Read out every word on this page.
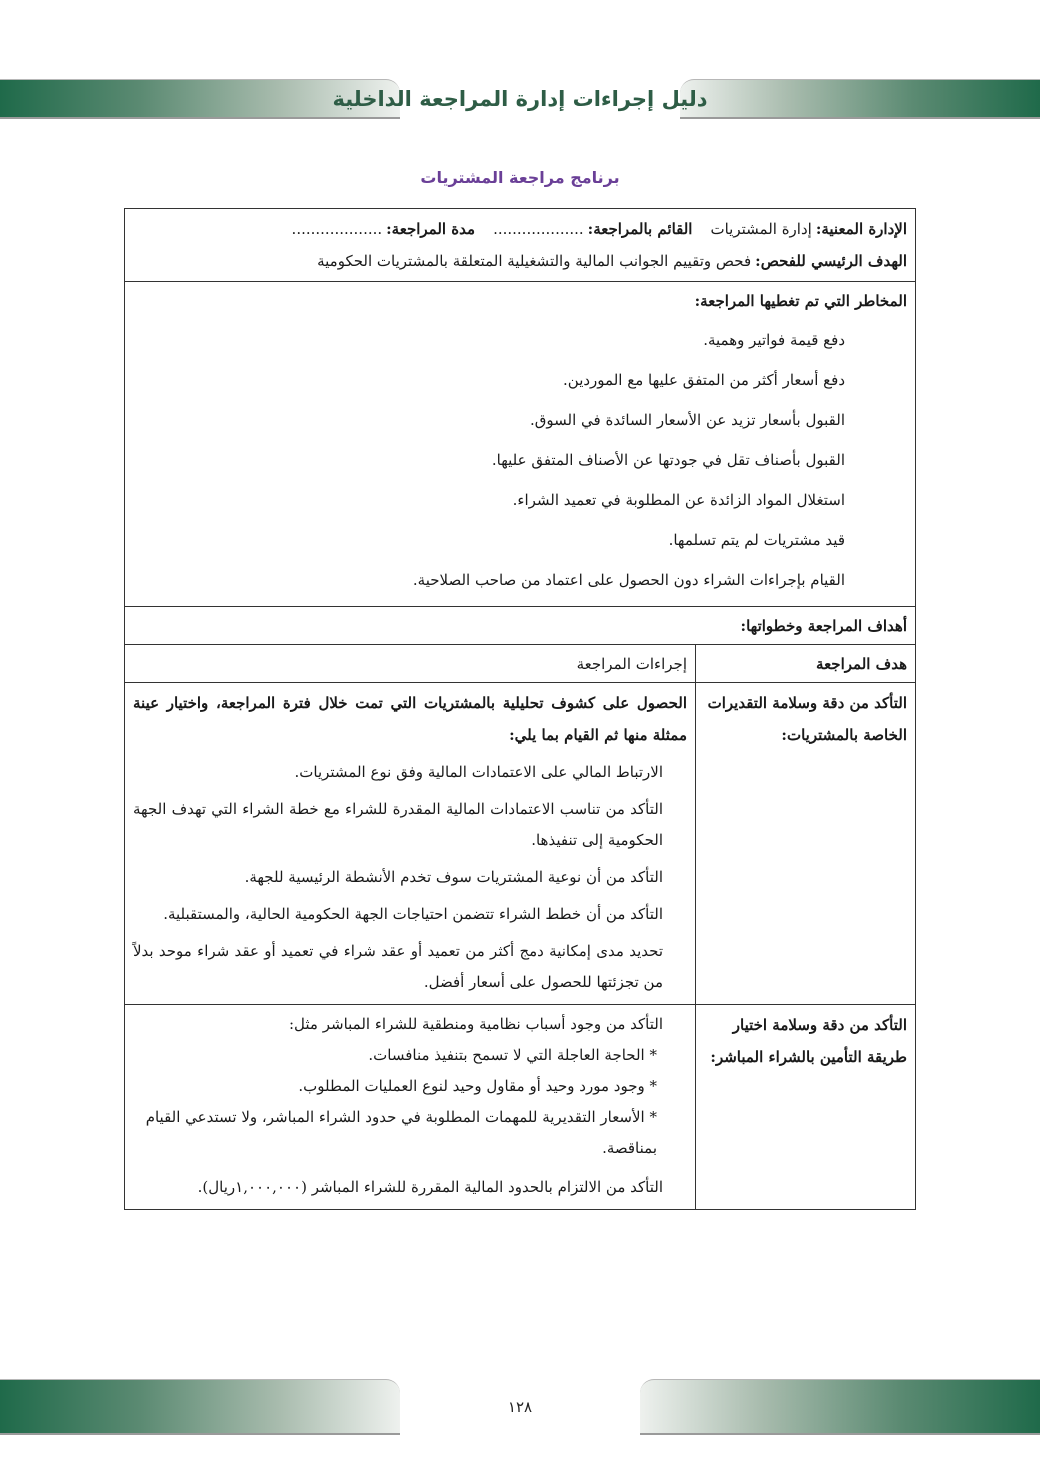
دليل إجراءات إدارة المراجعة الداخلية
برنامج مراجعة المشتريات
الإدارة المعنية:إدارة المشترياتالقائم بالمراجعة:...................مدة المراجعة:...................
الهدف الرئيسي للفحص:فحص وتقييم الجوانب المالية والتشغيلية المتعلقة بالمشتريات الحكومية
المخاطر التي تم تغطيها المراجعة:
دفع قيمة فواتير وهمية.
دفع أسعار أكثر من المتفق عليها مع الموردين.
القبول بأسعار تزيد عن الأسعار السائدة في السوق.
القبول بأصناف تقل في جودتها عن الأصناف المتفق عليها.
استغلال المواد الزائدة عن المطلوبة في تعميد الشراء.
قيد مشتريات لم يتم تسلمها.
القيام بإجراءات الشراء دون الحصول على اعتماد من صاحب الصلاحية.
أهداف المراجعة وخطواتها:
هدف المراجعة
إجراءات المراجعة
التأكد من دقة وسلامة التقديرات الخاصة بالمشتريات:
الحصول على كشوف تحليلية بالمشتريات التي تمت خلال فترة المراجعة، واختيار عينة ممثلة منها ثم القيام بما يلي:
الارتباط المالي على الاعتمادات المالية وفق نوع المشتريات.
التأكد من تناسب الاعتمادات المالية المقدرة للشراء مع خطة الشراء التي تهدف الجهة الحكومية إلى تنفيذها.
التأكد من أن نوعية المشتريات سوف تخدم الأنشطة الرئيسية للجهة.
التأكد من أن خطط الشراء تتضمن احتياجات الجهة الحكومية الحالية، والمستقبلية.
تحديد مدى إمكانية دمج أكثر من تعميد أو عقد شراء في تعميد أو عقد شراء موحد بدلاً من تجزئتها للحصول على أسعار أفضل.
التأكد من دقة وسلامة اختيار طريقة التأمين بالشراء المباشر:
التأكد من وجود أسباب نظامية ومنطقية للشراء المباشر مثل:
* الحاجة العاجلة التي لا تسمح بتنفيذ منافسات.
* وجود مورد وحيد أو مقاول وحيد لنوع العمليات المطلوب.
* الأسعار التقديرية للمهمات المطلوبة في حدود الشراء المباشر، ولا تستدعي القيام بمناقصة.
التأكد من الالتزام بالحدود المالية المقررة للشراء المباشر (١,٠٠٠,٠٠٠ريال).
١٢٨
